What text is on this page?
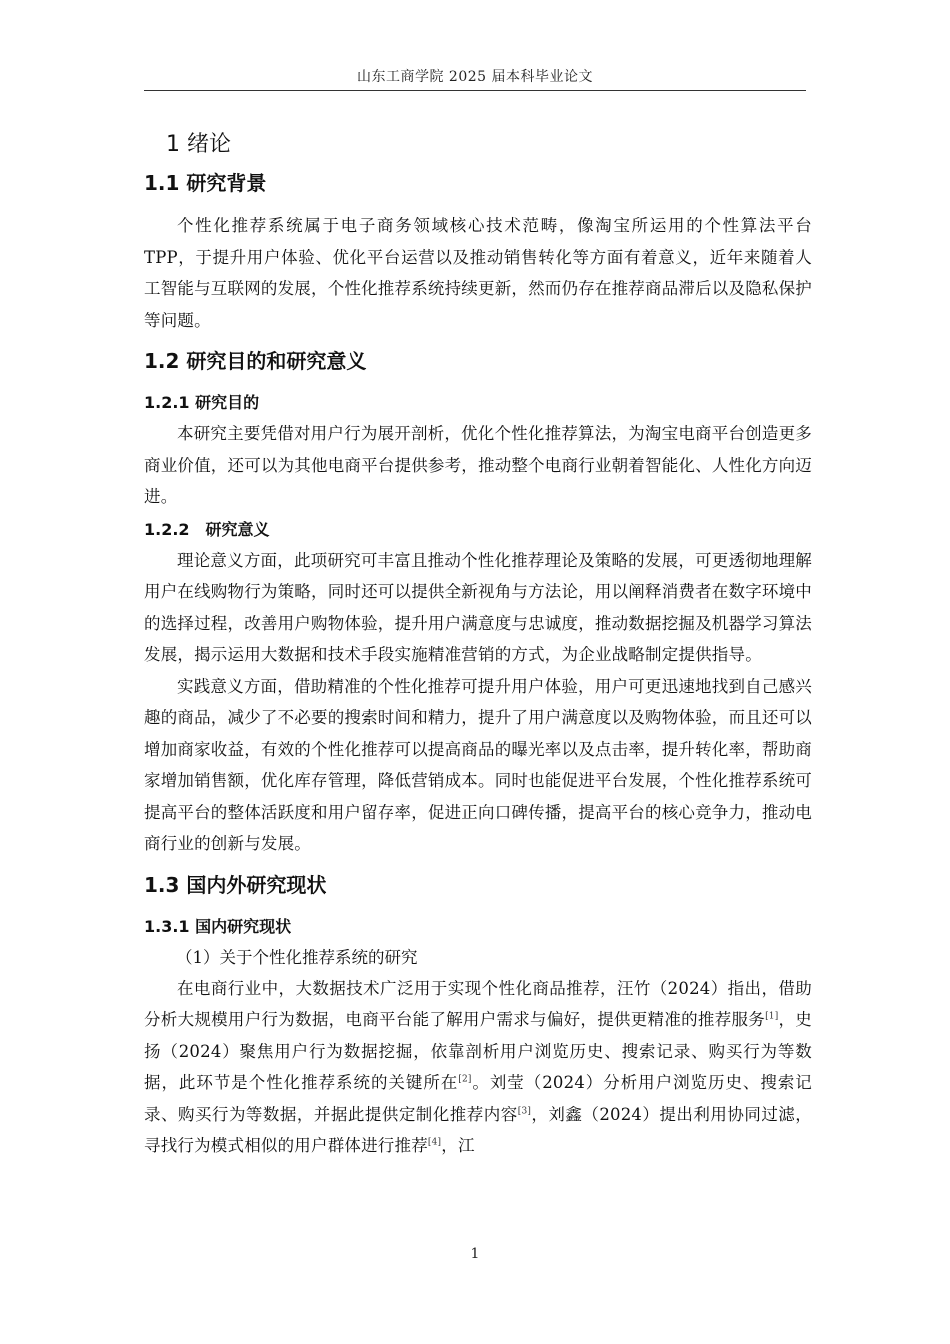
山东工商学院 2025 届本科毕业论文
1 绪论
1.1 研究背景

个性化推荐系统属于电子商务领域核心技术范畴，像淘宝所运用的个性算法平台 TPP，于提升用户体验、优化平台运营以及推动销售转化等方面有着意义，近年来随着人工智能与互联网的发展，个性化推荐系统持续更新，然而仍存在推荐商品滞后以及隐私保护等问题。

1.2 研究目的和研究意义
1.2.1 研究目的

本研究主要凭借对用户行为展开剖析，优化个性化推荐算法，为淘宝电商平台创造更多商业价值，还可以为其他电商平台提供参考，推动整个电商行业朝着智能化、人性化方向迈进。

1.2.2　研究意义

理论意义方面，此项研究可丰富且推动个性化推荐理论及策略的发展，可更透彻地理解用户在线购物行为策略，同时还可以提供全新视角与方法论，用以阐释消费者在数字环境中的选择过程，改善用户购物体验，提升用户满意度与忠诚度，推动数据挖掘及机器学习算法发展，揭示运用大数据和技术手段实施精准营销的方式，为企业战略制定提供指导。

实践意义方面，借助精准的个性化推荐可提升用户体验，用户可更迅速地找到自己感兴趣的商品，减少了不必要的搜索时间和精力，提升了用户满意度以及购物体验，而且还可以增加商家收益，有效的个性化推荐可以提高商品的曝光率以及点击率，提升转化率，帮助商家增加销售额，优化库存管理，降低营销成本。同时也能促进平台发展，个性化推荐系统可提高平台的整体活跃度和用户留存率，促进正向口碑传播，提高平台的核心竞争力，推动电商行业的创新与发展。

1.3 国内外研究现状
1.3.1 国内研究现状

（1）关于个性化推荐系统的研究

在电商行业中，大数据技术广泛用于实现个性化商品推荐，汪竹（2024）指出，借助分析大规模用户行为数据，电商平台能了解用户需求与偏好，提供更精准的推荐服务[1]，史扬（2024）聚焦用户行为数据挖掘，依靠剖析用户浏览历史、搜索记录、购买行为等数据，此环节是个性化推荐系统的关键所在[2]。刘莹（2024）分析用户浏览历史、搜索记录、购买行为等数据，并据此提供定制化推荐内容[3]，刘鑫（2024）提出利用协同过滤，寻找行为模式相似的用户群体进行推荐[4]，江

1
